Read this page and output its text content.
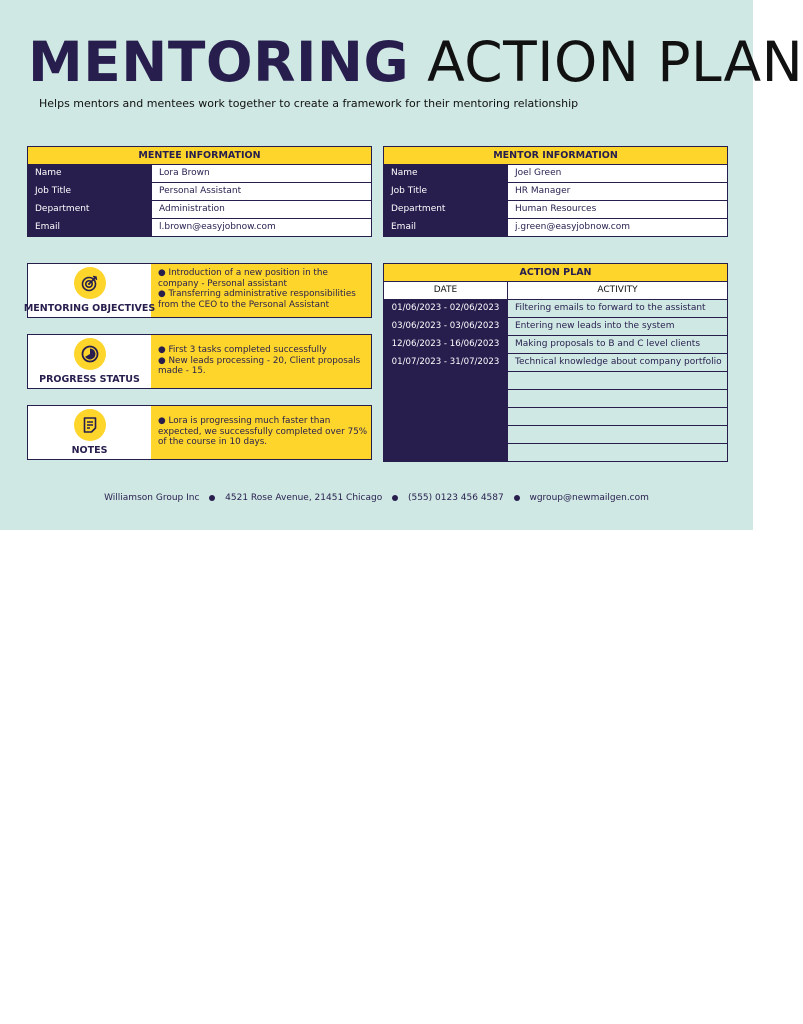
MENTORING ACTION PLAN
Helps mentors and mentees work together to create a framework for their mentoring relationship
MENTEE INFORMATION
Name	Lora Brown
Job Title	Personal Assistant
Department	Administration
Email	l.brown@easyjobnow.com
MENTOR INFORMATION
Name	Joel Green
Job Title	HR Manager
Department	Human Resources
Email	j.green@easyjobnow.com
MENTORING OBJECTIVES
● Introduction of a new position in the company - Personal assistant
● Transferring administrative responsibilities from the CEO to the Personal Assistant
PROGRESS STATUS
● First 3 tasks completed successfully
● New leads processing - 20, Client proposals made - 15.
NOTES
● Lora is progressing much faster than expected, we successfully completed over 75% of the course in 10 days.
ACTION PLAN
DATE	ACTIVITY
01/06/2023 - 02/06/2023	Filtering emails to forward to the assistant
03/06/2023 - 03/06/2023	Entering new leads into the system
12/06/2023 - 16/06/2023	Making proposals to B and C level clients
01/07/2023 - 31/07/2023	Technical knowledge about company portfolio
Williamson Group Inc	4521 Rose Avenue, 21451 Chicago	(555) 0123 456 4587	wgroup@newmailgen.com
